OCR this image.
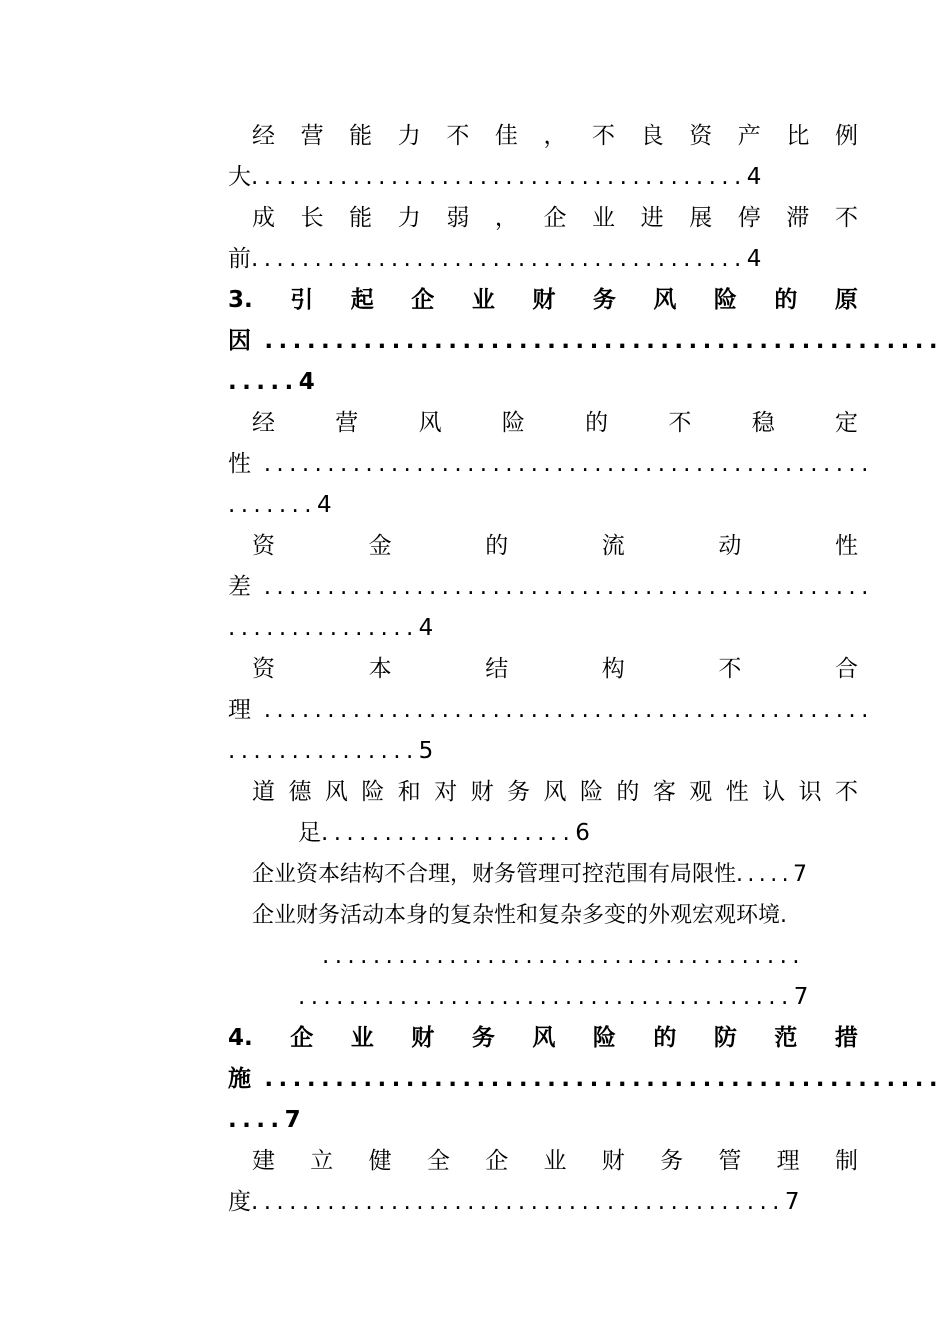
经 营 能 力 不 佳 ， 不 良 资 产 比 例
大.......................................4
成 长 能 力 弱 ， 企 业 进 展 停 滞 不
前.......................................4
3. 引 起 企 业 财 务 风 险 的 原
因 ................................................
.....4
经	营	风	险	的	不	稳	定
性 ................................................
.......4
资	金	的	流	动	性
差 ................................................
...............4
资	本	结	构	不	合
理 ................................................
...............5
道 德 风 险 和 对 财 务 风 险 的 客 观 性 认 识 不
足....................6
企业资本结构不合理，财务管理可控范围有局限性.....7
企业财务活动本身的复杂性和复杂多变的外观宏观环境.
......................................
.......................................7
4. 企 业 财 务 风 险 的 防 范 措
施 ................................................
....7
建 立 健 全 企 业 财 务 管 理 制
度..........................................7
